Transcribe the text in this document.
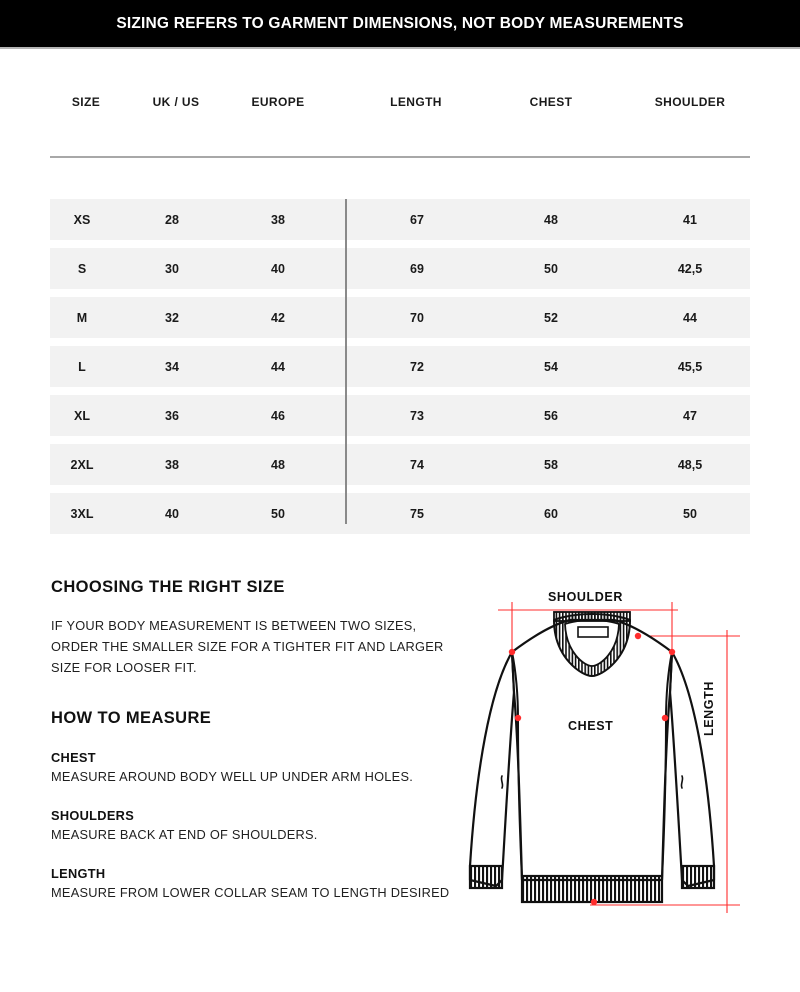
SIZING REFERS TO GARMENT DIMENSIONS, NOT BODY MEASUREMENTS
SIZE	UK / US	EUROPE	LENGTH	CHEST	SHOULDER
XS	28	38	67	48	41
S	30	40	69	50	42,5
M	32	42	70	52	44
L	34	44	72	54	45,5
XL	36	46	73	56	47
2XL	38	48	74	58	48,5
3XL	40	50	75	60	50
CHOOSING THE RIGHT SIZE
IF YOUR BODY MEASUREMENT IS BETWEEN TWO SIZES, ORDER THE SMALLER SIZE FOR A TIGHTER FIT AND LARGER SIZE FOR LOOSER FIT.
HOW TO MEASURE
CHEST
MEASURE AROUND BODY WELL UP UNDER ARM HOLES.
SHOULDERS
MEASURE BACK AT END OF SHOULDERS.
LENGTH
MEASURE FROM LOWER COLLAR SEAM TO LENGTH DESIRED
SHOULDER
CHEST	LENGTH
